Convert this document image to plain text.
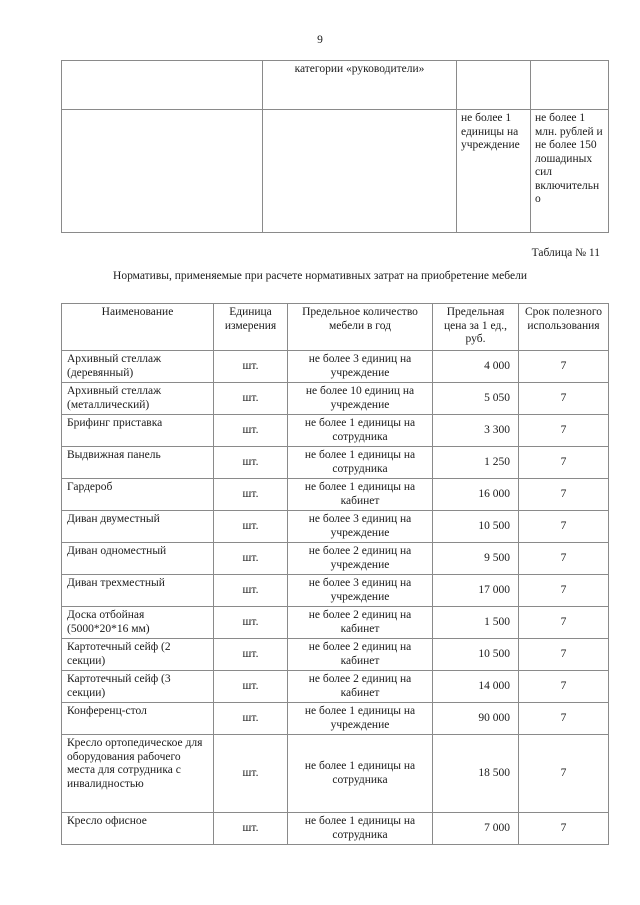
9
	категории «руководители»		
		не более 1 единицы на учреждение	не более 1 млн. рублей и не более 150 лошадиных сил включительно
Таблица № 11
Нормативы, применяемые при расчете нормативных затрат на приобретение мебели
Наименование	Единица измерения	Предельное количество мебели в год	Предельная цена за 1 ед., руб.	Срок полезного использования
Архивный стеллаж (деревянный)	шт.	не более 3 единиц на учреждение	4 000	7
Архивный стеллаж (металлический)	шт.	не более 10 единиц на учреждение	5 050	7
Брифинг приставка	шт.	не более 1 единицы на сотрудника	3 300	7
Выдвижная панель	шт.	не более 1 единицы на сотрудника	1 250	7
Гардероб	шт.	не более 1 единицы на кабинет	16 000	7
Диван двуместный	шт.	не более 3 единиц на учреждение	10 500	7
Диван одноместный	шт.	не более 2 единиц на учреждение	9 500	7
Диван трехместный	шт.	не более 3 единиц на учреждение	17 000	7
Доска отбойная (5000*20*16 мм)	шт.	не более 2 единиц на кабинет	1 500	7
Картотечный сейф (2 секции)	шт.	не более 2 единиц на кабинет	10 500	7
Картотечный сейф (3 секции)	шт.	не более 2 единиц на кабинет	14 000	7
Конференц-стол	шт.	не более 1 единицы на учреждение	90 000	7
Кресло ортопедическое для оборудования рабочего места для сотрудника с инвалидностью	шт.	не более 1 единицы на сотрудника	18 500	7
Кресло офисное	шт.	не более 1 единицы на сотрудника	7 000	7
